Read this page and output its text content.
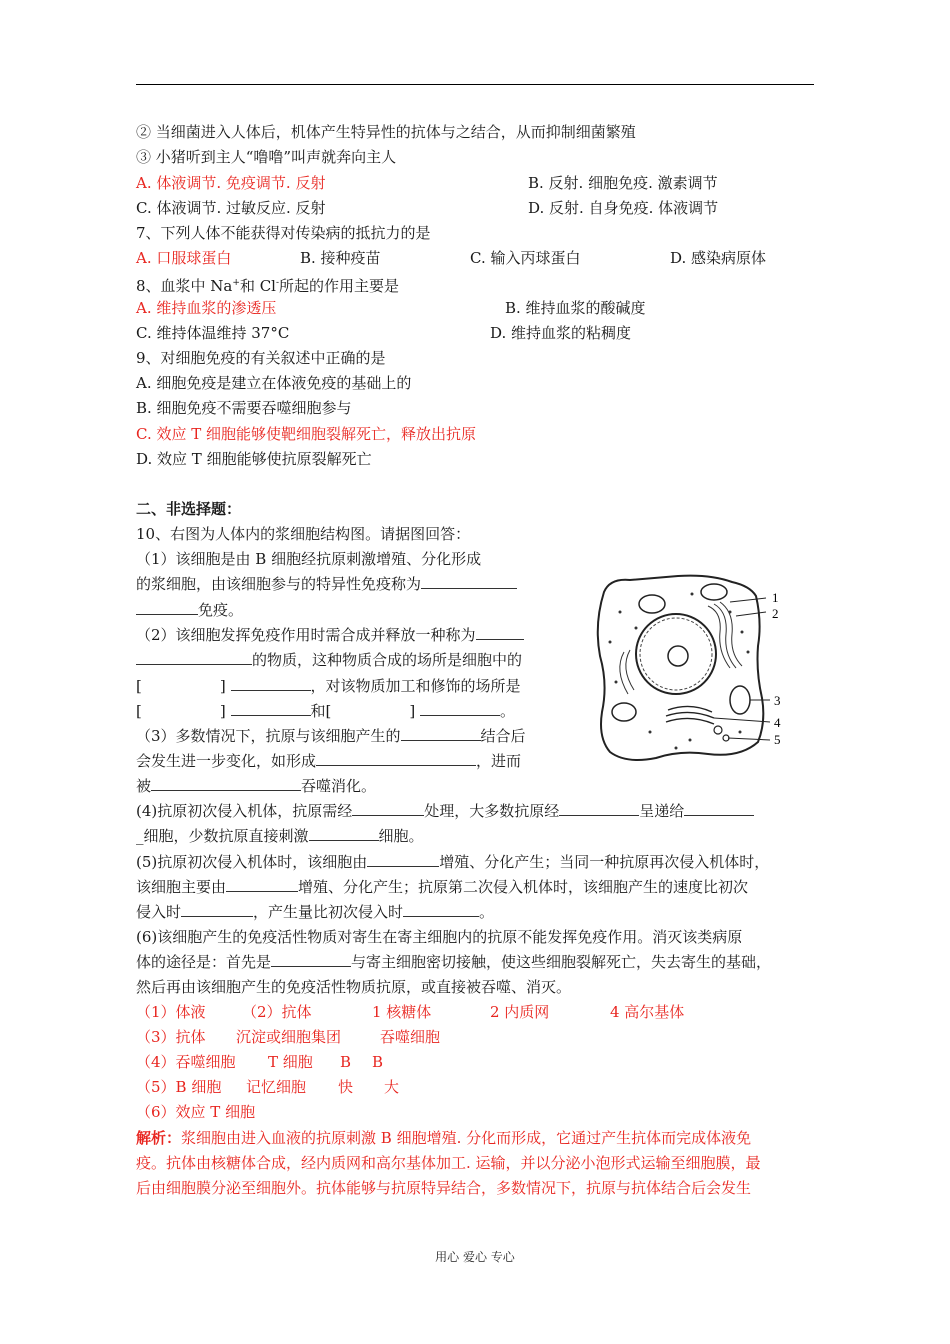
② 当细菌进入人体后，机体产生特异性的抗体与之结合，从而抑制细菌繁殖
③ 小猪听到主人“噜噜”叫声就奔向主人
A. 体液调节. 免疫调节. 反射	B. 反射. 细胞免疫. 激素调节
C. 体液调节. 过敏反应. 反射	D. 反射. 自身免疫. 体液调节
7、下列人体不能获得对传染病的抵抗力的是
A. 口服球蛋白	B. 接种疫苗	C. 输入丙球蛋白	D. 感染病原体
8、血浆中 Na+和 Cl-所起的作用主要是
A. 维持血浆的渗透压	B. 维持血浆的酸碱度
C. 维持体温维持 37°C	D. 维持血浆的粘稠度
9、对细胞免疫的有关叙述中正确的是
A. 细胞免疫是建立在体液免疫的基础上的
B. 细胞免疫不需要吞噬细胞参与
C. 效应 T 细胞能够使靶细胞裂解死亡，释放出抗原
D. 效应 T 细胞能够使抗原裂解死亡
二、非选择题：
10、右图为人体内的浆细胞结构图。请据图回答：
（1）该细胞是由 B 细胞经抗原刺激增殖、分化形成
的浆细胞，由该细胞参与的特异性免疫称为
免疫。
（2）该细胞发挥免疫作用时需合成并释放一种称为
的物质，这种物质合成的场所是细胞中的
[	]	，对该物质加工和修饰的场所是
[	]	和[	]	。
（3）多数情况下，抗原与该细胞产生的	结合后
会发生进一步变化，如形成	，进而
被	吞噬消化。
(4)抗原初次侵入机体，抗原需经	处理，大多数抗原经	呈递给
_细胞，少数抗原直接刺激	细胞。
(5)抗原初次侵入机体时，该细胞由	增殖、分化产生；当同一种抗原再次侵入机体时，
该细胞主要由	增殖、分化产生；抗原第二次侵入机体时，该细胞产生的速度比初次
侵入时	，产生量比初次侵入时	。
(6)该细胞产生的免疫活性物质对寄生在寄主细胞内的抗原不能发挥免疫作用。消灭该类病原
体的途径是：首先是	与寄主细胞密切接触，使这些细胞裂解死亡，失去寄生的基础，
然后再由该细胞产生的免疫活性物质抗原，或直接被吞噬、消灭。
（1）体液 （2）抗体	1 核糖体	2 内质网	4 高尔基体
（3）抗体 沉淀或细胞集团	吞噬细胞
（4）吞噬细胞 T 细胞 B B
（5）B 细胞 记忆细胞 快 大
（6）效应 T 细胞
解析：浆细胞由进入血液的抗原刺激 B 细胞增殖. 分化而形成，它通过产生抗体而完成体液免
疫。抗体由核糖体合成，经内质网和高尔基体加工. 运输，并以分泌小泡形式运输至细胞膜，最
后由细胞膜分泌至细胞外。抗体能够与抗原特异结合，多数情况下，抗原与抗体结合后会发生
1
2
3
4
5
用心 爱心 专心
